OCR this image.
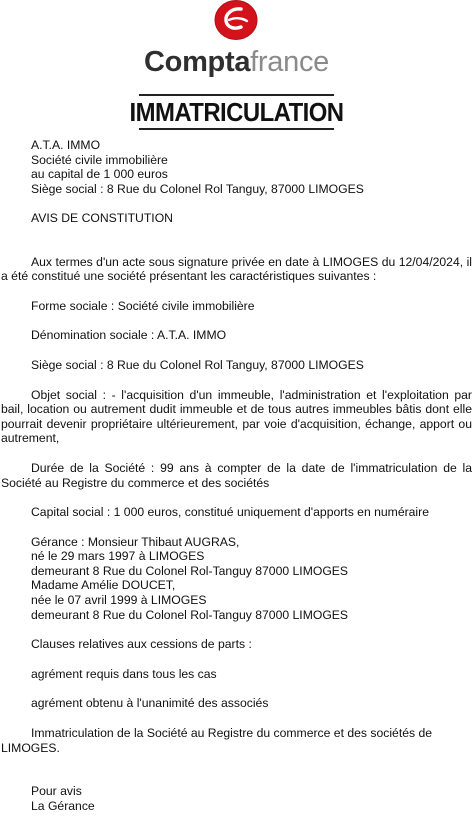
Comptafrance
IMMATRICULATION

A.T.A. IMMO

Société civile immobilière

au capital de 1 000 euros

Siège social : 8 Rue du Colonel Rol Tanguy, 87000 LIMOGES

AVIS DE CONSTITUTION

Aux termes d'un acte sous signature privée en date à LIMOGES du 12/04/2024, il a été constitué une société présentant les caractéristiques suivantes :

Forme sociale : Société civile immobilière

Dénomination sociale : A.T.A. IMMO

Siège social : 8 Rue du Colonel Rol Tanguy, 87000 LIMOGES

Objet social : - l'acquisition d'un immeuble, l'administration et l'exploitation par bail, location ou autrement dudit immeuble et de tous autres immeubles bâtis dont elle pourrait devenir propriétaire ultérieurement, par voie d'acquisition, échange, apport ou autrement,

Durée de la Société : 99 ans à compter de la date de l'immatriculation de la Société au Registre du commerce et des sociétés

Capital social : 1 000 euros, constitué uniquement d'apports en numéraire

Gérance : Monsieur Thibaut AUGRAS,

né le 29 mars 1997 à LIMOGES

demeurant 8 Rue du Colonel Rol-Tanguy 87000 LIMOGES

Madame Amélie DOUCET,

née le 07 avril 1999 à LIMOGES

demeurant 8 Rue du Colonel Rol-Tanguy 87000 LIMOGES

Clauses relatives aux cessions de parts :

agrément requis dans tous les cas

agrément obtenu à l'unanimité des associés

Immatriculation de la Société au Registre du commerce et des sociétés de LIMOGES.

Pour avis

La Gérance
